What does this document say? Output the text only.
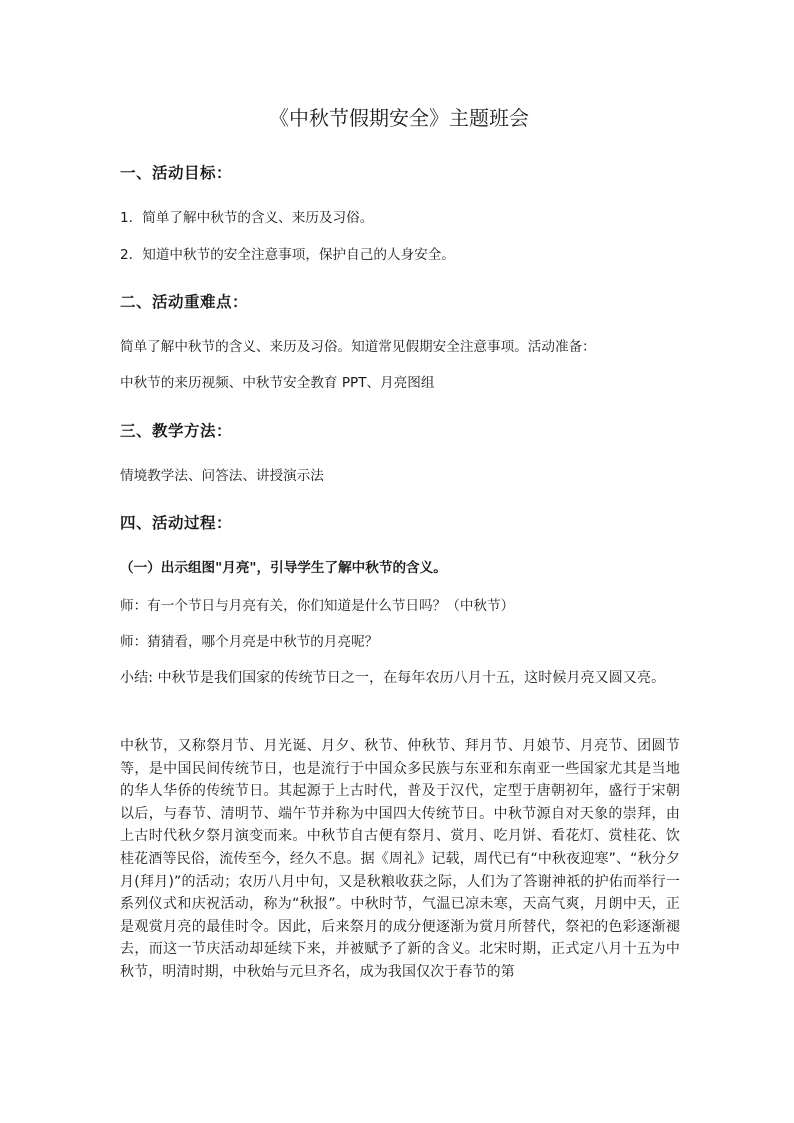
《中秋节假期安全》主题班会
一、活动目标：

1．简单了解中秋节的含义、来历及习俗。

2．知道中秋节的安全注意事项，保护自己的人身安全。

二、活动重难点：

简单了解中秋节的含义、来历及习俗。知道常见假期安全注意事项。活动准备：

中秋节的来历视频、中秋节安全教育 PPT、月亮图组

三、教学方法：

情境教学法、问答法、讲授演示法

四、活动过程：

（一）出示组图"月亮"，引导学生了解中秋节的含义。

师：有一个节日与月亮有关，你们知道是什么节日吗？（中秋节）

师：猜猜看，哪个月亮是中秋节的月亮呢？

小结: 中秋节是我们国家的传统节日之一，在每年农历八月十五，这时候月亮又圆又亮。

中秋节，又称祭月节、月光诞、月夕、秋节、仲秋节、拜月节、月娘节、月亮节、团圆节等，是中国民间传统节日，也是流行于中国众多民族与东亚和东南亚一些国家尤其是当地的华人华侨的传统节日。其起源于上古时代，普及于汉代，定型于唐朝初年，盛行于宋朝以后，与春节、清明节、端午节并称为中国四大传统节日。中秋节源自对天象的崇拜，由上古时代秋夕祭月演变而来。中秋节自古便有祭月、赏月、吃月饼、看花灯、赏桂花、饮桂花酒等民俗，流传至今，经久不息。据《周礼》记载，周代已有“中秋夜迎寒”、“秋分夕月(拜月)”的活动；农历八月中旬，又是秋粮收获之际，人们为了答谢神祇的护佑而举行一系列仪式和庆祝活动，称为“秋报”。中秋时节，气温已凉未寒，天高气爽，月朗中天，正是观赏月亮的最佳时令。因此，后来祭月的成分便逐渐为赏月所替代，祭祀的色彩逐渐褪去，而这一节庆活动却延续下来，并被赋予了新的含义。北宋时期，正式定八月十五为中秋节，明清时期，中秋始与元旦齐名，成为我国仅次于春节的第
